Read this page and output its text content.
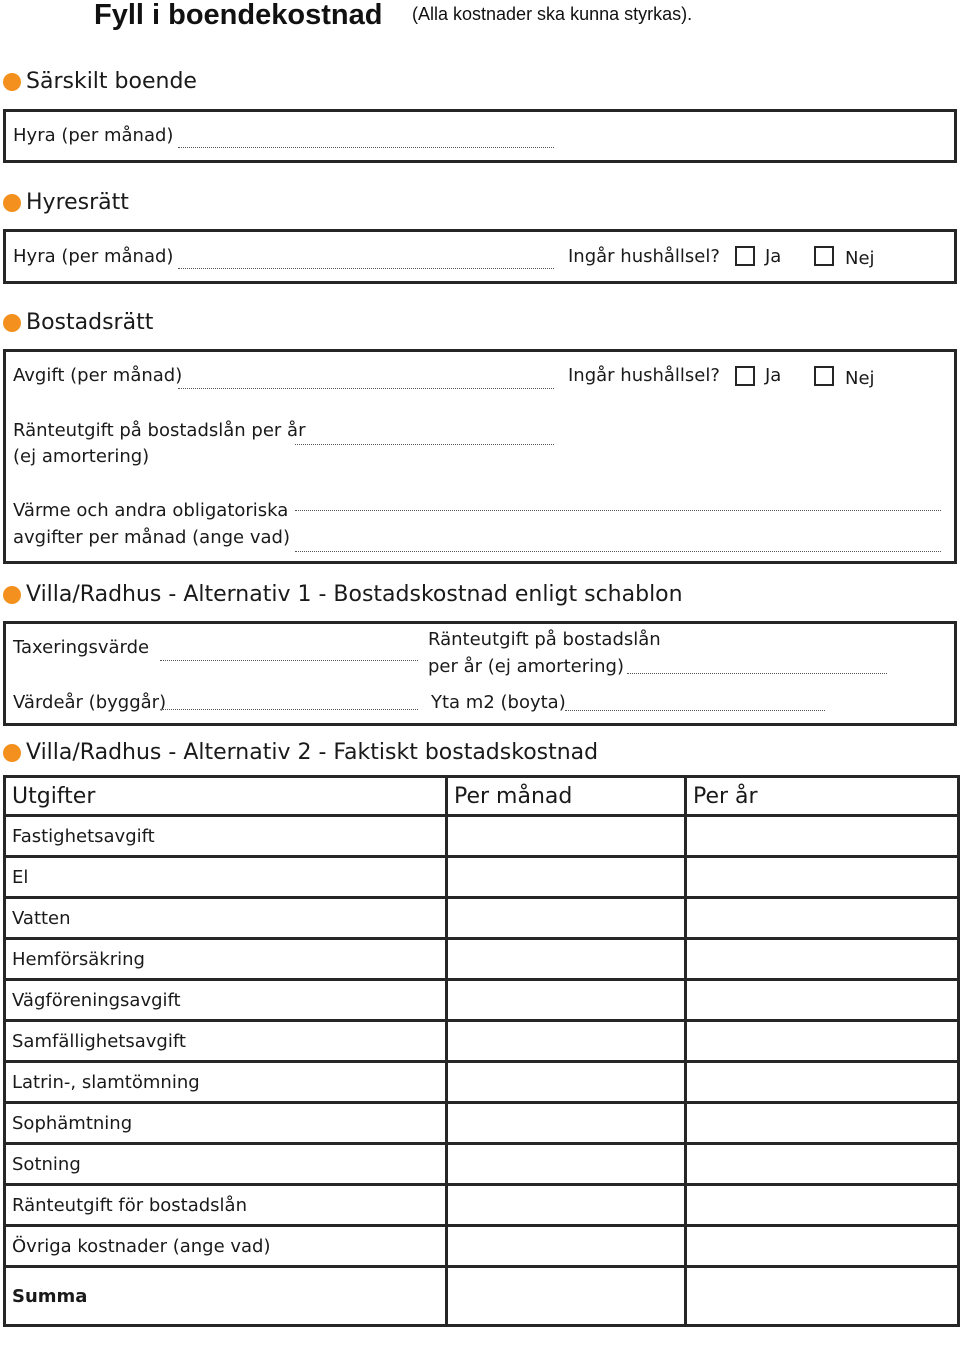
Fyll i boendekostnad (Alla kostnader ska kunna styrkas).
Särskilt boende
Hyra (per månad)
Hyresrätt
Hyra (per månad)	Ingår hushållsel?	Ja	Nej
Bostadsrätt
Avgift (per månad)	Ingår hushållsel?	Ja	Nej
Ränteutgift på bostadslån per år
(ej amortering)
Värme och andra obligatoriska
avgifter per månad (ange vad)
Villa/Radhus - Alternativ 1 - Bostadskostnad enligt schablon
Taxeringsvärde	Ränteutgift på bostadslån
per år (ej amortering)
Värdeår (byggår)	Yta m2 (boyta)
Villa/Radhus - Alternativ 2 - Faktiskt bostadskostnad
Utgifter	Per månad	Per år
Fastighetsavgift		
El		
Vatten		
Hemförsäkring		
Vägföreningsavgift		
Samfällighetsavgift		
Latrin-, slamtömning		
Sophämtning		
Sotning		
Ränteutgift för bostadslån		
Övriga kostnader (ange vad)		
Summa		
